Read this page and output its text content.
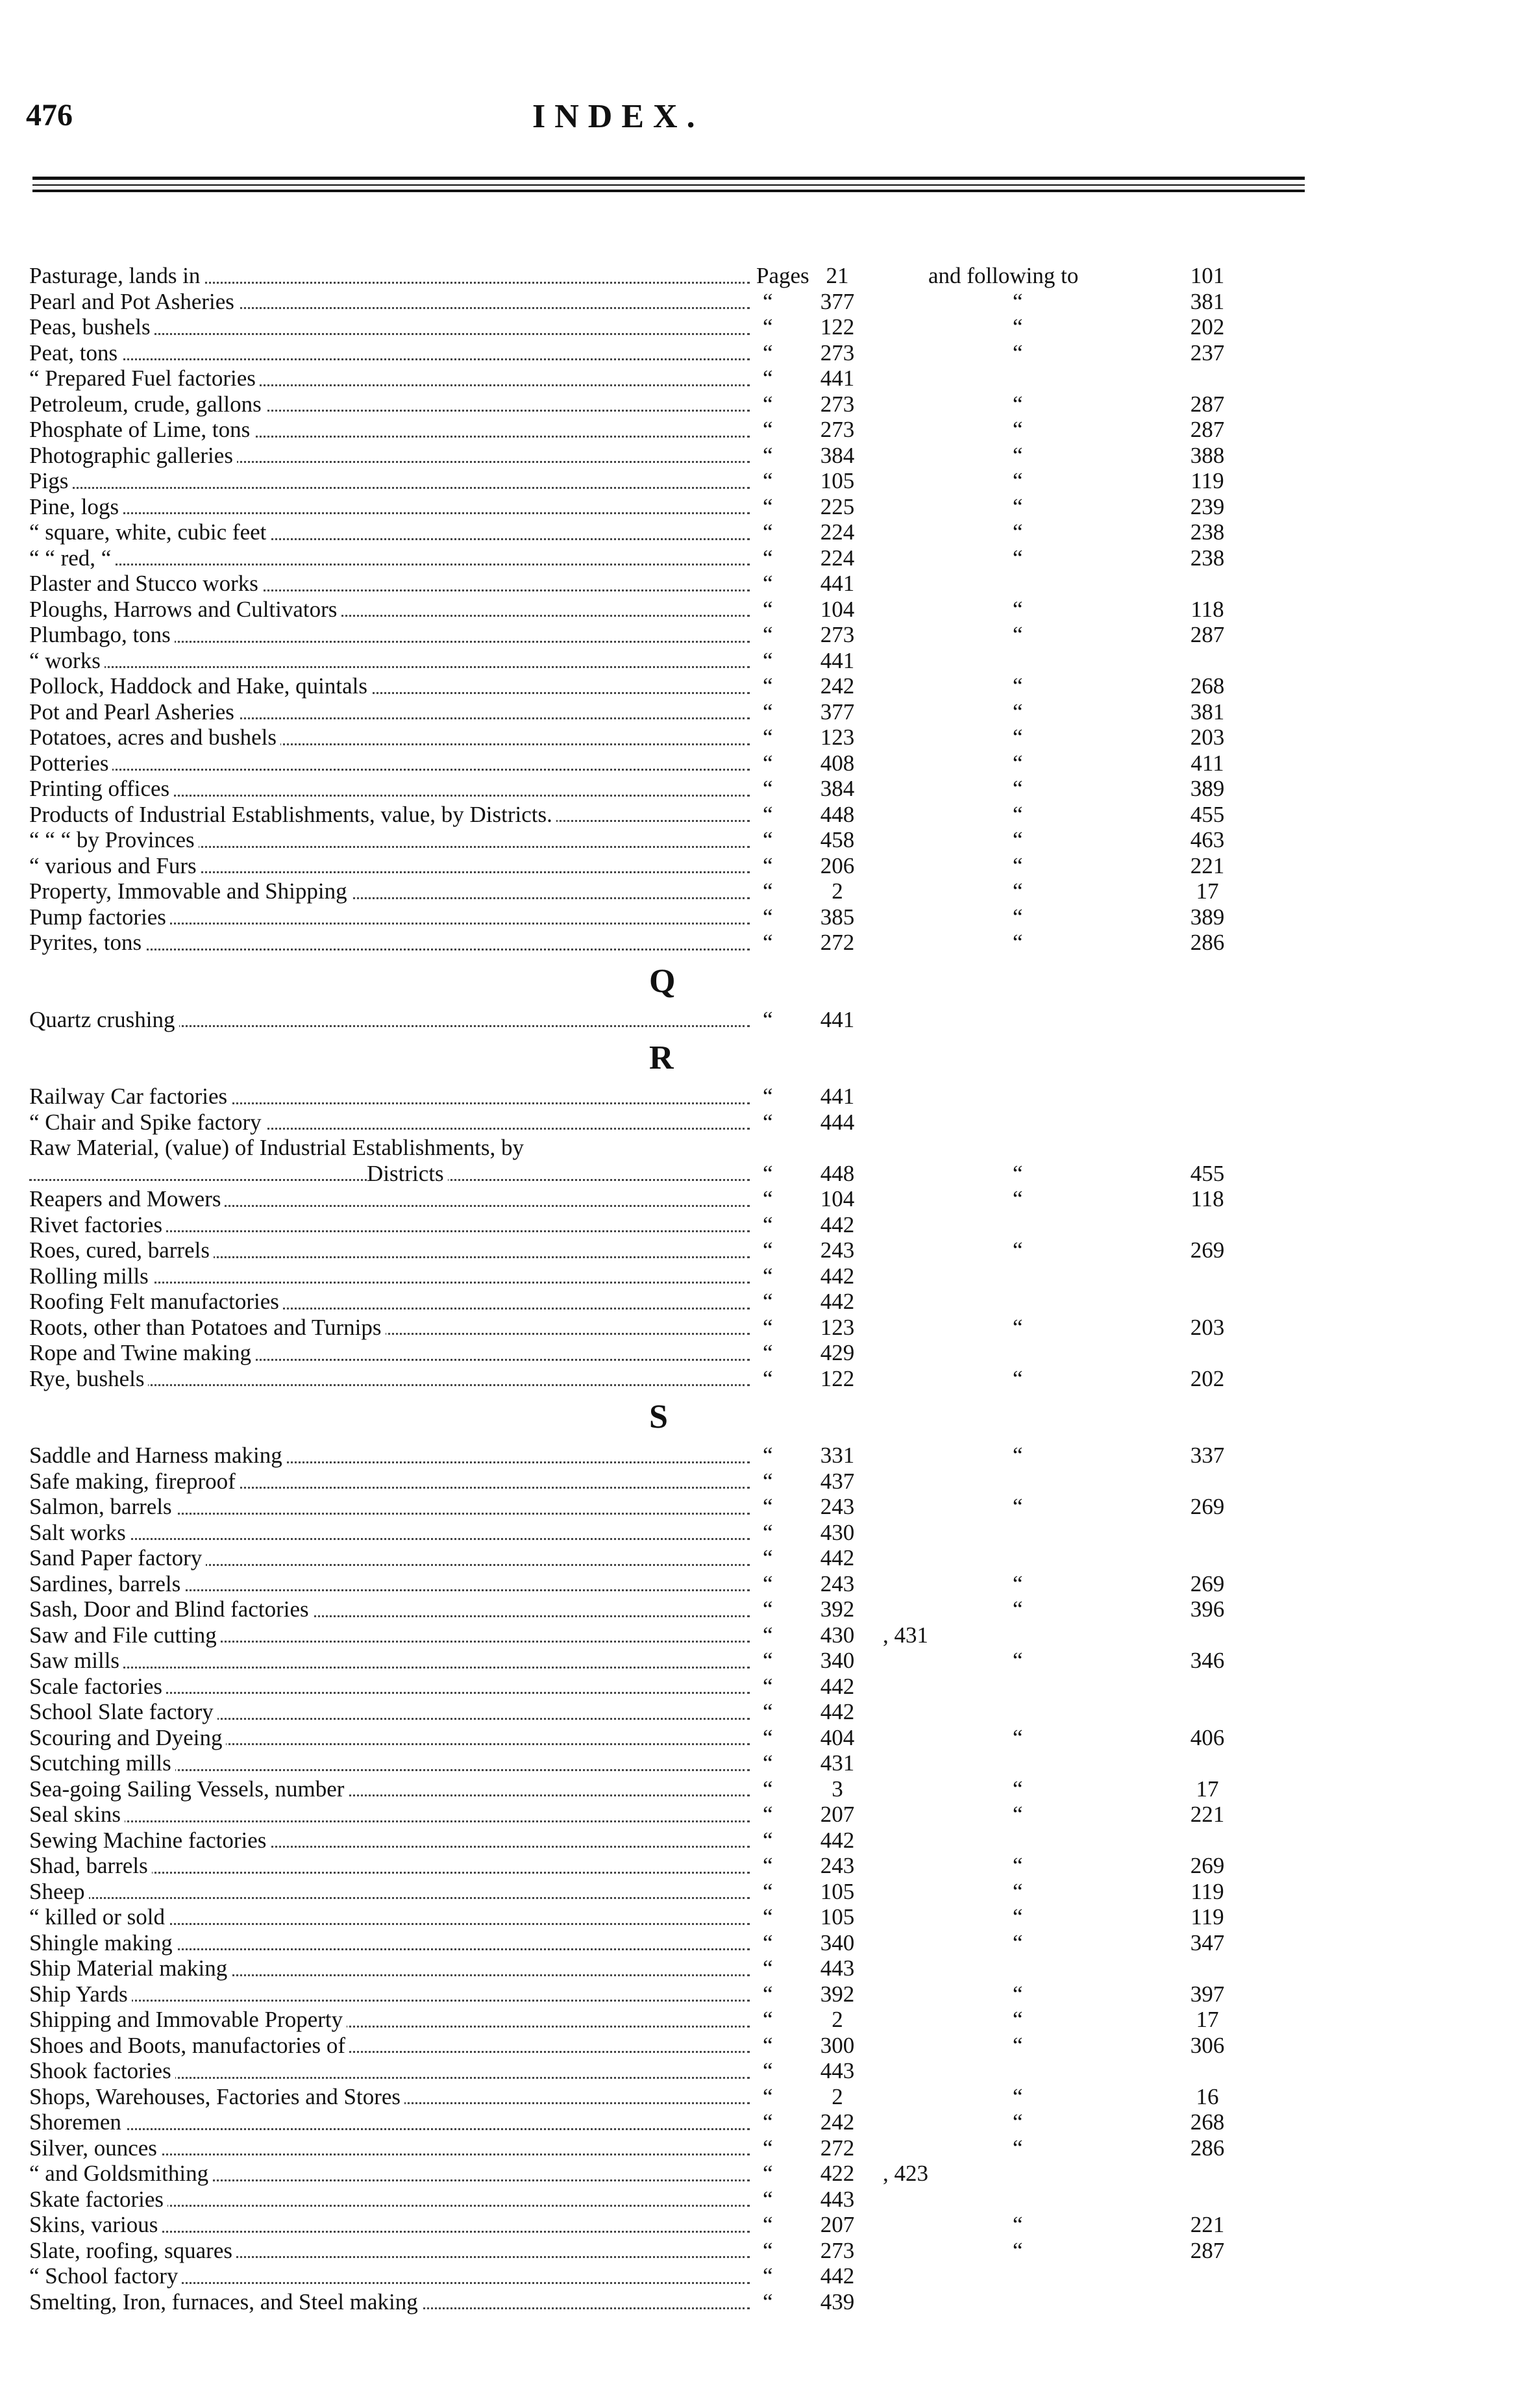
476	INDEX.
Pasturage, lands in	Pages 21	and following to	101
Pearl and Pot Asheries	“	377	“	381
Peas, bushels	“	122	“	202
Peat, tons	“	273	“	237
“ Prepared Fuel factories	“	441
Petroleum, crude, gallons	“	273	“	287
Phosphate of Lime, tons	“	273	“	287
Photographic galleries	“	384	“	388
Pigs	“	105	“	119
Pine, logs	“	225	“	239
“ square, white, cubic feet	“	224	“	238
“ “ red, “	“	224	“	238
Plaster and Stucco works	“	441
Ploughs, Harrows and Cultivators	“	104	“	118
Plumbago, tons	“	273	“	287
“ works	“	441
Pollock, Haddock and Hake, quintals	“	242	“	268
Pot and Pearl Asheries	“	377	“	381
Potatoes, acres and bushels	“	123	“	203
Potteries	“	408	“	411
Printing offices	“	384	“	389
Products of Industrial Establishments, value, by Districts.	“	448	“	455
“ “ “ by Provinces	“	458	“	463
“ various and Furs	“	206	“	221
Property, Immovable and Shipping	“	2	“	17
Pump factories	“	385	“	389
Pyrites, tons	“	272	“	286
Q
Quartz crushing	“	441
R
Railway Car factories	“	441
“ Chair and Spike factory	“	444
Raw Material, (value) of Industrial Establishments, by
Districts	“	448	“	455
Reapers and Mowers	“	104	“	118
Rivet factories	“	442
Roes, cured, barrels	“	243	“	269
Rolling mills	“	442
Roofing Felt manufactories	“	442
Roots, other than Potatoes and Turnips	“	123	“	203
Rope and Twine making	“	429
Rye, bushels	“	122	“	202
S
Saddle and Harness making	“	331	“	337
Safe making, fireproof	“	437
Salmon, barrels	“	243	“	269
Salt works	“	430
Sand Paper factory	“	442
Sardines, barrels	“	243	“	269
Sash, Door and Blind factories	“	392	“	396
Saw and File cutting	“	430	, 431
Saw mills	“	340	“	346
Scale factories	“	442
School Slate factory	“	442
Scouring and Dyeing	“	404	“	406
Scutching mills	“	431
Sea-going Sailing Vessels, number	“	3	“	17
Seal skins	“	207	“	221
Sewing Machine factories	“	442
Shad, barrels	“	243	“	269
Sheep	“	105	“	119
“ killed or sold	“	105	“	119
Shingle making	“	340	“	347
Ship Material making	“	443
Ship Yards	“	392	“	397
Shipping and Immovable Property	“	2	“	17
Shoes and Boots, manufactories of	“	300	“	306
Shook factories	“	443
Shops, Warehouses, Factories and Stores	“	2	“	16
Shoremen	“	242	“	268
Silver, ounces	“	272	“	286
“ and Goldsmithing	“	422	, 423
Skate factories	“	443
Skins, various	“	207	“	221
Slate, roofing, squares	“	273	“	287
“ School factory	“	442
Smelting, Iron, furnaces, and Steel making	“	439
